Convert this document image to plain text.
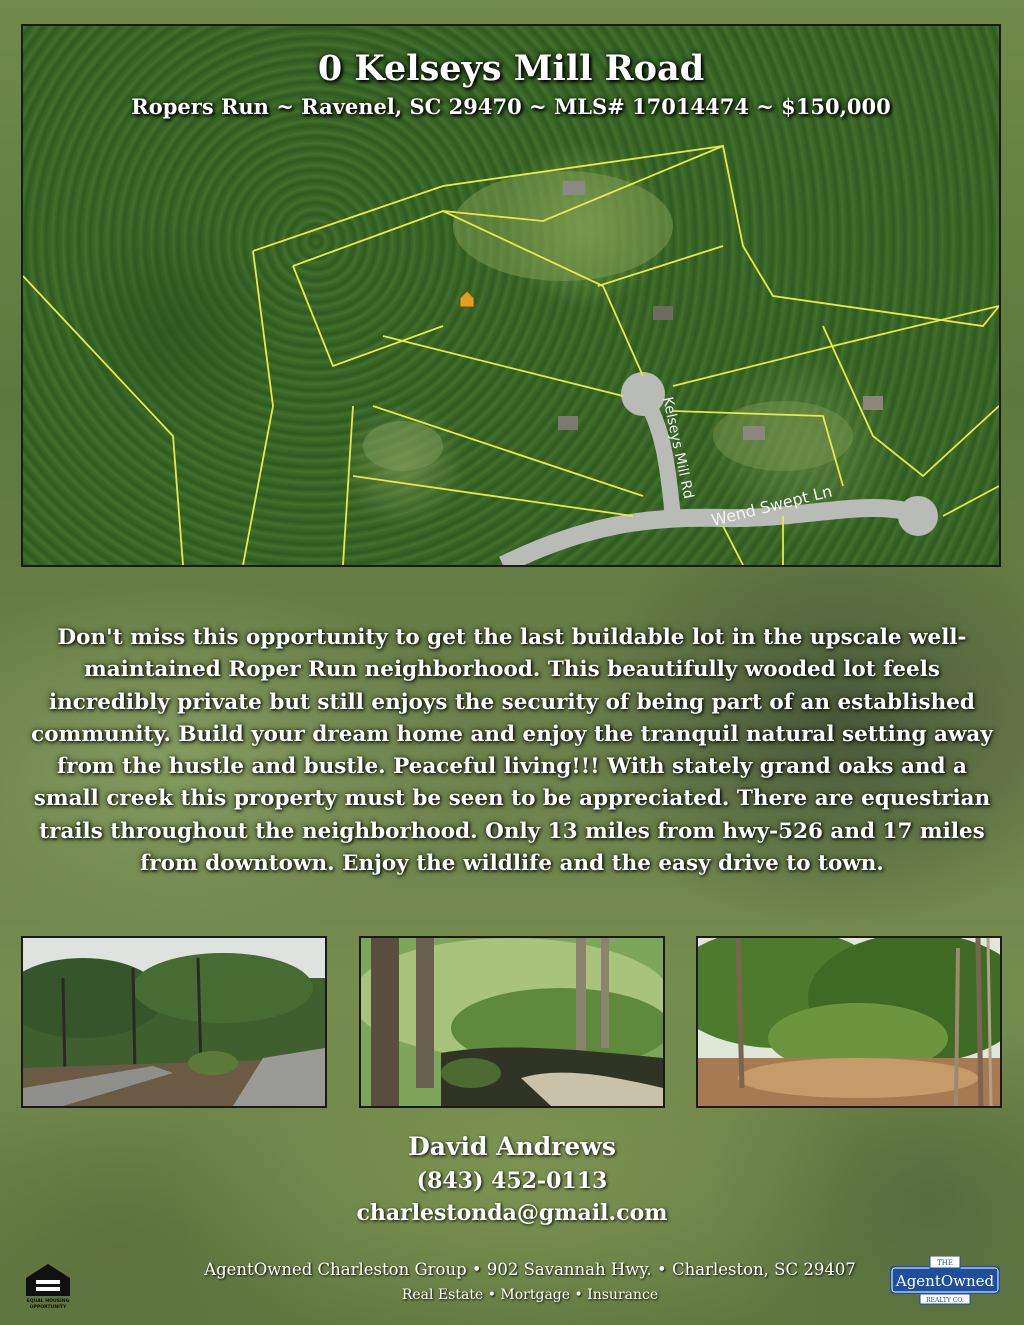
Kelseys Mill Rd
Wend Swept Ln
0 Kelseys Mill Road
Ropers Run ~ Ravenel, SC 29470 ~ MLS# 17014474 ~ $150,000
Don't miss this opportunity to get the last buildable lot in the upscale well-maintained Roper Run neighborhood. This beautifully wooded lot feels incredibly private but still enjoys the security of being part of an established community. Build your dream home and enjoy the tranquil natural setting away from the hustle and bustle. Peaceful living!!! With stately grand oaks and a small creek this property must be seen to be appreciated. There are equestrian trails throughout the neighborhood. Only 13 miles from hwy-526 and 17 miles from downtown. Enjoy the wildlife and the easy drive to town.
David Andrews
(843) 452-0113
charlestonda@gmail.com
EQUAL HOUSING
OPPORTUNITY
AgentOwned Charleston Group • 902 Savannah Hwy. • Charleston, SC 29407
Real Estate • Mortgage • Insurance
THE
AgentOwned
REALTY CO.
